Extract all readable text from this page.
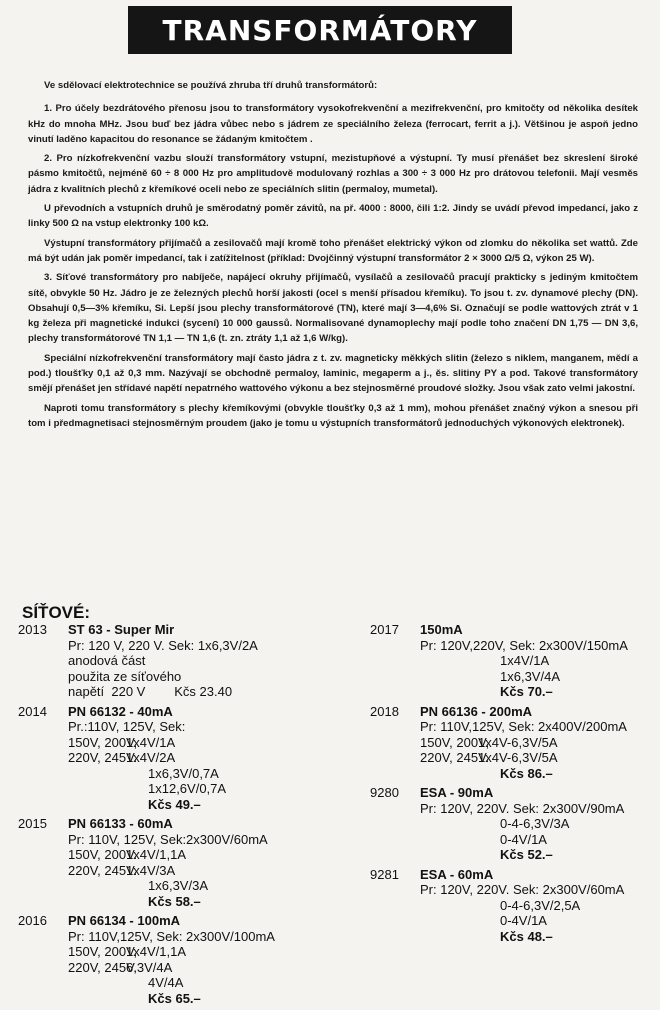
TRANSFORMÁTORY

Ve sdělovací elektrotechnice se používá zhruba tří druhů transformátorů:

1. Pro účely bezdrátového přenosu jsou to transformátory vysokofrekvenční a mezifrekvenční, pro kmitočty od několika desítek kHz do mnoha MHz. Jsou buď bez jádra vůbec nebo s jádrem ze speciálního železa (ferrocart, ferrit a j.). Většinou je aspoň jedno vinutí laděno kapacitou do resonance se žádaným kmitočtem .

2. Pro nízkofrekvenční vazbu slouží transformátory vstupní, mezistupňové a výstupní. Ty musí přenášet bez skreslení široké pásmo kmitočtů, nejméně 60 ÷ 8 000 Hz pro amplitudově modulovaný rozhlas a 300 ÷ 3 000 Hz pro drátovou telefonii. Mají vesměs jádra z kvalitních plechů z křemíkové oceli nebo ze speciálních slitin (permaloy, mumetal).

U převodních a vstupních druhů je směrodatný poměr závitů, na př. 4000 : 8000, čili 1:2. Jindy se uvádí převod impedancí, jako z linky 500 Ω na vstup elektronky 100 kΩ.

Výstupní transformátory přijímačů a zesilovačů mají kromě toho přenášet elektrický výkon od zlomku do několika set wattů. Zde má být udán jak poměr impedancí, tak i zatížitelnost (příklad: Dvojčinný výstupní transformátor 2 × 3000 Ω/5 Ω, výkon 25 W).

3. Síťové transformátory pro nabíječe, napájecí okruhy přijímačů, vysílačů a zesilovačů pracují prakticky s jediným kmitočtem sítě, obvykle 50 Hz. Jádro je ze železných plechů horší jakosti (ocel s menší přísadou křemíku). To jsou t. zv. dynamové plechy (DN). Obsahují 0,5—3% křemíku, Si. Lepší jsou plechy transformátorové (TN), které mají 3—4,6% Si. Označují se podle wattových ztrát v 1 kg železa při magnetické indukci (sycení) 10 000 gaussů. Normalisované dynamoplechy mají podle toho značení DN 1,75 — DN 3,6, plechy transformátorové TN 1,1 — TN 1,6 (t. zn. ztráty 1,1 až 1,6 W/kg).

Speciální nízkofrekvenční transformátory mají často jádra z t. zv. magneticky měkkých slitin (železo s niklem, manganem, mědí a pod.) tloušťky 0,1 až 0,3 mm. Nazývají se obchodně permaloy, laminic, megaperm a j., ěs. slitiny PY a pod. Takové transformátory smějí přenášet jen střídavé napětí nepatrného wattového výkonu a bez stejnosměrné proudové složky. Jsou však zato velmi jakostní.

Naproti tomu transformátory s plechy křemíkovými (obvykle tloušťky 0,3 až 1 mm), mohou přenášet značný výkon a snesou při tom i předmagnetisaci stejnosměrným proudem (jako je tomu u výstupních transformátorů jednoduchých výkonových elektronek).

SÍŤOVÉ:
2013 ST 63 - Super Mir
Pr: 120 V, 220 V. Sek: 1x6,3V/2A
anodová část
použita ze síťového
napětí  220 V        Kčs 23.40
2014 PN 66132 - 40mA
Pr.:110V, 125V, Sek:
150V, 200V,
1x4V/1A
220V, 245V.
1x4V/2A
1x6,3V/0,7A
1x12,6V/0,7A
Kčs 49.–
2015 PN 66133 - 60mA
Pr: 110V, 125V, Sek:2x300V/60mA
150V, 200V.
1x4V/1,1A
220V, 245V.
1x4V/3A
1x6,3V/3A
Kčs 58.–
2016 PN 66134 - 100mA
Pr: 110V,125V, Sek: 2x300V/100mA
150V, 200V,
1x4V/1,1A
220V, 245V.
6,3V/4A
4V/4A
Kčs 65.–
2017 150mA
Pr: 120V,220V, Sek: 2x300V/150mA
1x4V/1A
1x6,3V/4A
Kčs 70.–
2018 PN 66136 - 200mA
Pr: 110V,125V, Sek: 2x400V/200mA
150V, 200V,
1x4V-6,3V/5A
220V, 245V.
1x4V-6,3V/5A
Kčs 86.–
9280 ESA - 90mA
Pr: 120V, 220V. Sek: 2x300V/90mA
0-4-6,3V/3A
0-4V/1A
Kčs 52.–
9281 ESA - 60mA
Pr: 120V, 220V. Sek: 2x300V/60mA
0-4-6,3V/2,5A
0-4V/1A
Kčs 48.–
